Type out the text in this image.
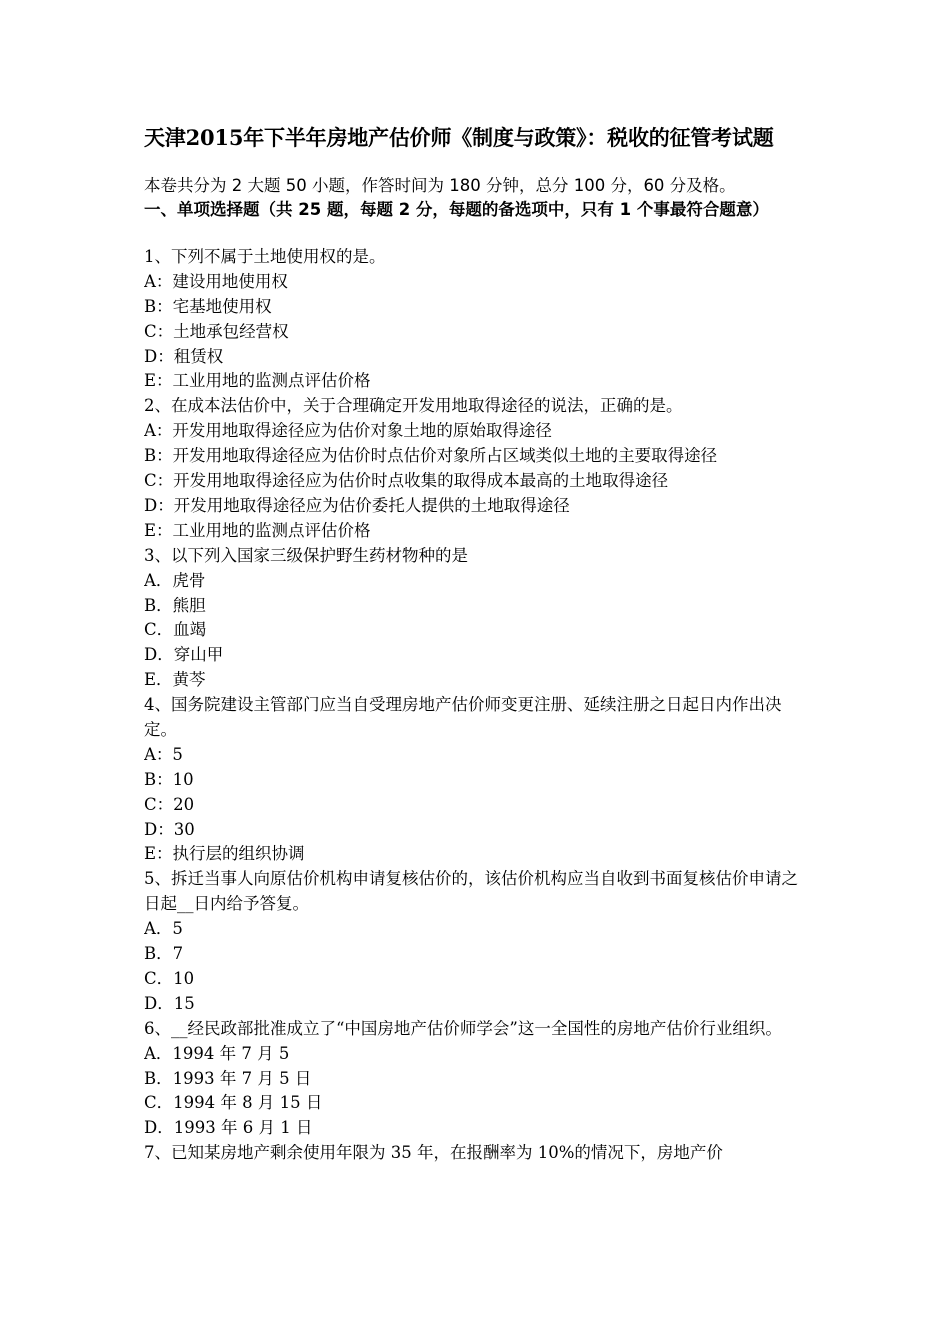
天津2015年下半年房地产估价师《制度与政策》：税收的征管考试题
本卷共分为 2 大题 50 小题，作答时间为 180 分钟，总分 100 分，60 分及格。
一、单项选择题（共 25 题，每题 2 分，每题的备选项中，只有 1 个事最符合题意）
1、下列不属于土地使用权的是。
A：建设用地使用权
B：宅基地使用权
C：土地承包经营权
D：租赁权
E：工业用地的监测点评估价格
2、在成本法估价中，关于合理确定开发用地取得途径的说法，正确的是。
A：开发用地取得途径应为估价对象土地的原始取得途径
B：开发用地取得途径应为估价时点估价对象所占区域类似土地的主要取得途径
C：开发用地取得途径应为估价时点收集的取得成本最高的土地取得途径
D：开发用地取得途径应为估价委托人提供的土地取得途径
E：工业用地的监测点评估价格
3、以下列入国家三级保护野生药材物种的是
A．虎骨
B．熊胆
C．血竭
D．穿山甲
E．黄芩
4、国务院建设主管部门应当自受理房地产估价师变更注册、延续注册之日起日内作出决定。
A：5
B：10
C：20
D：30
E：执行层的组织协调
5、拆迁当事人向原估价机构申请复核估价的，该估价机构应当自收到书面复核估价申请之日起__日内给予答复。
A．5
B．7
C．10
D．15
6、__经民政部批准成立了“中国房地产估价师学会”这一全国性的房地产估价行业组织。
A．1994 年 7 月 5
B．1993 年 7 月 5 日
C．1994 年 8 月 15 日
D．1993 年 6 月 1 日
7、已知某房地产剩余使用年限为 35 年，在报酬率为 10%的情况下，房地产价
